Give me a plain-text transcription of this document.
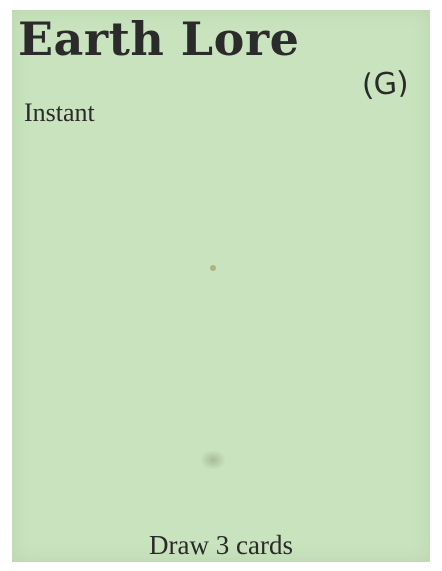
Earth Lore
(G)
Instant
Draw 3 cards
